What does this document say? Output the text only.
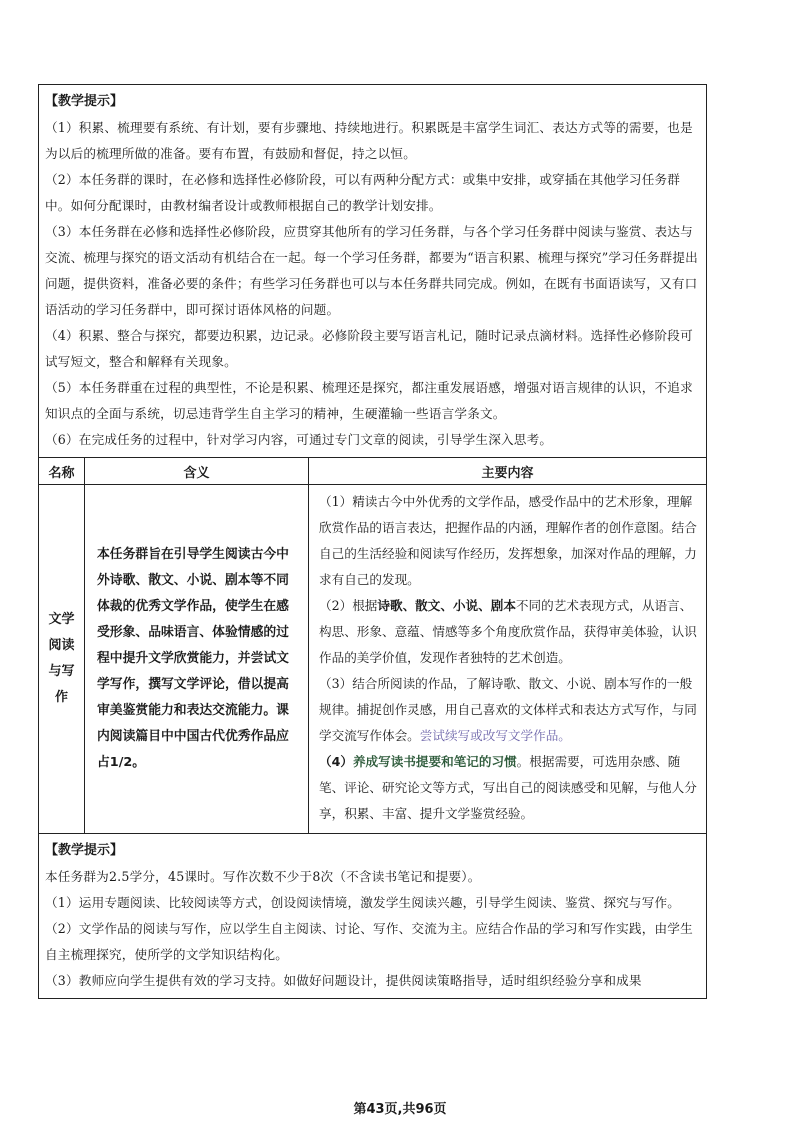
【教学提示】
（1）积累、梳理要有系统、有计划，要有步骤地、持续地进行。积累既是丰富学生词汇、表达方式等的需要，也是为以后的梳理所做的准备。要有布置，有鼓励和督促，持之以恒。
（2）本任务群的课时，在必修和选择性必修阶段，可以有两种分配方式：或集中安排，或穿插在其他学习任务群中。如何分配课时，由教材编者设计或教师根据自己的教学计划安排。
（3）本任务群在必修和选择性必修阶段，应贯穿其他所有的学习任务群，与各个学习任务群中阅读与鉴赏、表达与交流、梳理与探究的语文活动有机结合在一起。每一个学习任务群，都要为“语言积累、梳理与探究”学习任务群提出问题，提供资料，准备必要的条件；有些学习任务群也可以与本任务群共同完成。例如，在既有书面语读写，又有口语活动的学习任务群中，即可探讨语体风格的问题。
（4）积累、整合与探究，都要边积累，边记录。必修阶段主要写语言札记，随时记录点滴材料。选择性必修阶段可试写短文，整合和解释有关现象。
（5）本任务群重在过程的典型性，不论是积累、梳理还是探究，都注重发展语感，增强对语言规律的认识，不追求知识点的全面与系统，切忌违背学生自主学习的精神，生硬灌输一些语言学条文。
（6）在完成任务的过程中，针对学习内容，可通过专门文章的阅读，引导学生深入思考。
名称	含义	主要内容
文学阅读与写作	本任务群旨在引导学生阅读古今中外诗歌、散文、小说、剧本等不同体裁的优秀文学作品，使学生在感受形象、品味语言、体验情感的过程中提升文学欣赏能力，并尝试文学写作，撰写文学评论，借以提高审美鉴赏能力和表达交流能力。课内阅读篇目中中国古代优秀作品应占1/2。	（1）精读古今中外优秀的文学作品，感受作品中的艺术形象，理解欣赏作品的语言表达，把握作品的内涵，理解作者的创作意图。结合自己的生活经验和阅读写作经历，发挥想象，加深对作品的理解，力求有自己的发现。

（2）根据诗歌、散文、小说、剧本不同的艺术表现方式，从语言、构思、形象、意蕴、情感等多个角度欣赏作品，获得审美体验，认识作品的美学价值，发现作者独特的艺术创造。

（3）结合所阅读的作品，了解诗歌、散文、小说、剧本写作的一般规律。捕捉创作灵感，用自己喜欢的文体样式和表达方式写作，与同学交流写作体会。尝试续写或改写文学作品。

（4）养成写读书提要和笔记的习惯。根据需要，可选用杂感、随笔、评论、研究论文等方式，写出自己的阅读感受和见解，与他人分享，积累、丰富、提升文学鉴赏经验。

【教学提示】
本任务群为2.5学分，45课时。写作次数不少于8次（不含读书笔记和提要）。
（1）运用专题阅读、比较阅读等方式，创设阅读情境，激发学生阅读兴趣，引导学生阅读、鉴赏、探究与写作。
（2）文学作品的阅读与写作，应以学生自主阅读、讨论、写作、交流为主。应结合作品的学习和写作实践，由学生自主梳理探究，使所学的文学知识结构化。
（3）教师应向学生提供有效的学习支持。如做好问题设计，提供阅读策略指导，适时组织经验分享和成果
第43页,共96页
